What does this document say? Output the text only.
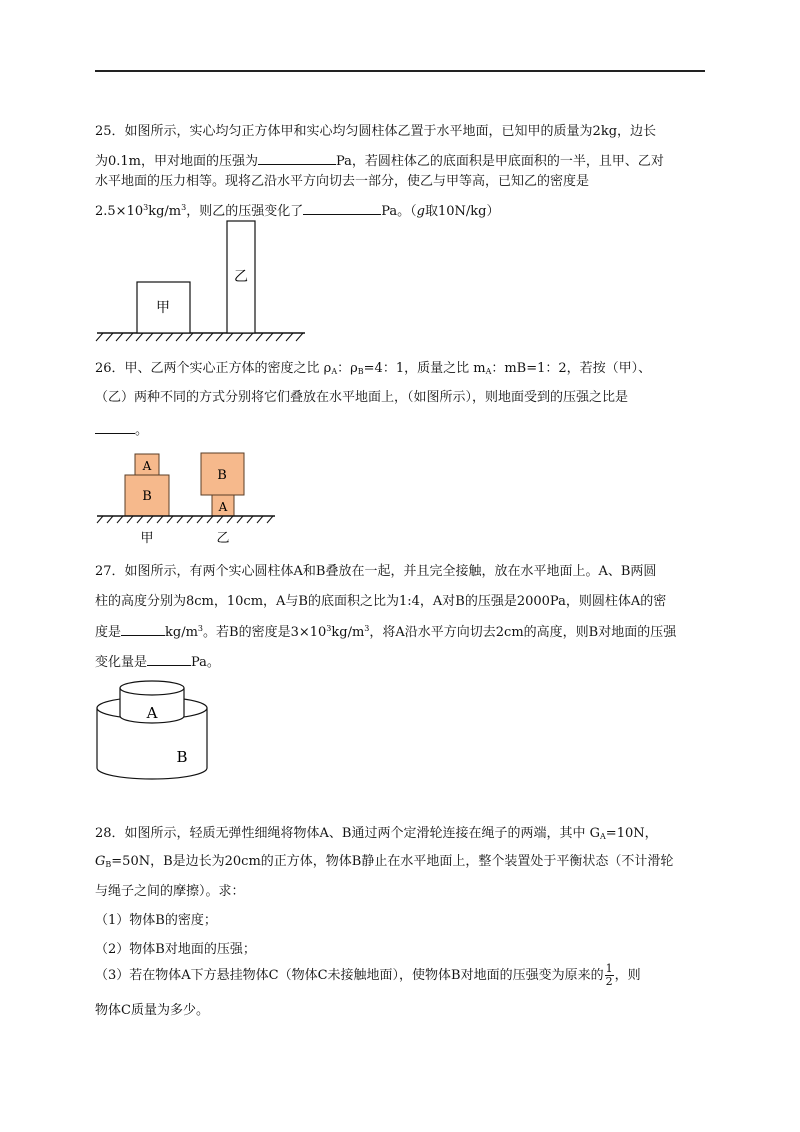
25．如图所示，实心均匀正方体甲和实心均匀圆柱体乙置于水平地面，已知甲的质量为2kg，边长
为0.1m，甲对地面的压强为	Pa，若圆柱体乙的底面积是甲底面积的一半，且甲、乙对
水平地面的压力相等。现将乙沿水平方向切去一部分，使乙与甲等高，已知乙的密度是
$2.5\times 10^3kg/m^3$，则乙的压强变化了	Pa。（g取10N/kg）
甲
乙
26．甲、乙两个实心正方体的密度之比 $\rho_A$：$\rho_B=4$：1，质量之比 $m_A$：mB=1：2，若按（甲）、
（乙）两种不同的方式分别将它们叠放在水平地面上，（如图所示），则地面受到的压强之比是
。
A
B
B
A
甲	乙
27．如图所示，有两个实心圆柱体A和B叠放在一起，并且完全接触，放在水平地面上。A、B两圆
柱的高度分别为8cm，10cm，A与B的底面积之比为1:4，A对B的压强是2000Pa，则圆柱体A的密
度是	$kg/m^3$。若B的密度是$3\times 10^3kg/m^3$，将A沿水平方向切去2cm的高度，则B对地面的压强
变化量是	Pa。
A
B
28．如图所示，轻质无弹性细绳将物体A、B通过两个定滑轮连接在绳子的两端，其中 $G_A=10N$，
$G_B=50N$，B是边长为20cm的正方体，物体B静止在水平地面上，整个装置处于平衡状态（不计滑轮
与绳子之间的摩擦）。求：
（1）物体B的密度；
（2）物体B对地面的压强；
（3）若在物体A下方悬挂物体C（物体C未接触地面），使物体B对地面的压强变为原来的 $\frac{1}{2}$ ，则
物体C质量为多少。
